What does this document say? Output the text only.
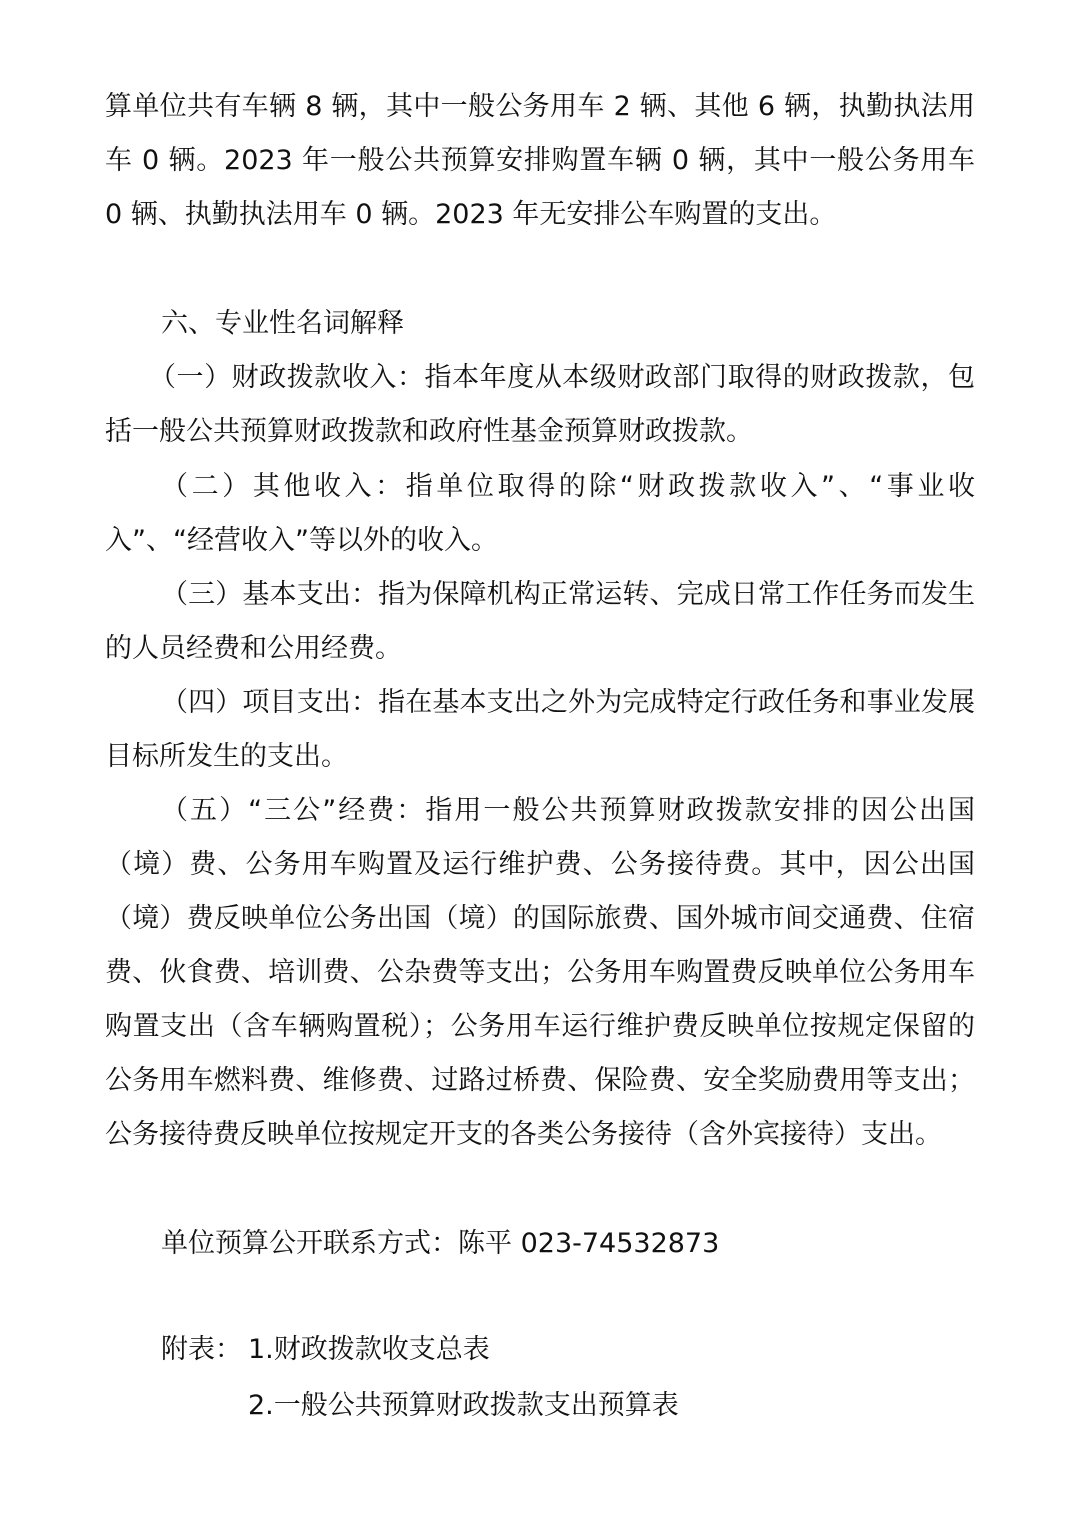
算单位共有车辆 8 辆，其中一般公务用车 2 辆、其他 6 辆，执勤执法用车 0 辆。2023 年一般公共预算安排购置车辆 0 辆，其中一般公务用车 0 辆、执勤执法用车 0 辆。2023 年无安排公车购置的支出。

六、专业性名词解释

（一）财政拨款收入：指本年度从本级财政部门取得的财政拨款，包括一般公共预算财政拨款和政府性基金预算财政拨款。

（二）其他收入：指单位取得的除“财政拨款收入”、“事业收入”、“经营收入”等以外的收入。

（三）基本支出：指为保障机构正常运转、完成日常工作任务而发生的人员经费和公用经费。

（四）项目支出：指在基本支出之外为完成特定行政任务和事业发展目标所发生的支出。

（五）“三公”经费：指用一般公共预算财政拨款安排的因公出国（境）费、公务用车购置及运行维护费、公务接待费。其中，因公出国（境）费反映单位公务出国（境）的国际旅费、国外城市间交通费、住宿费、伙食费、培训费、公杂费等支出；公务用车购置费反映单位公务用车购置支出（含车辆购置税）；公务用车运行维护费反映单位按规定保留的公务用车燃料费、维修费、过路过桥费、保险费、安全奖励费用等支出；公务接待费反映单位按规定开支的各类公务接待（含外宾接待）支出。

单位预算公开联系方式：陈平 023-74532873

附表： 1.财政拨款收支总表
2.一般公共预算财政拨款支出预算表
